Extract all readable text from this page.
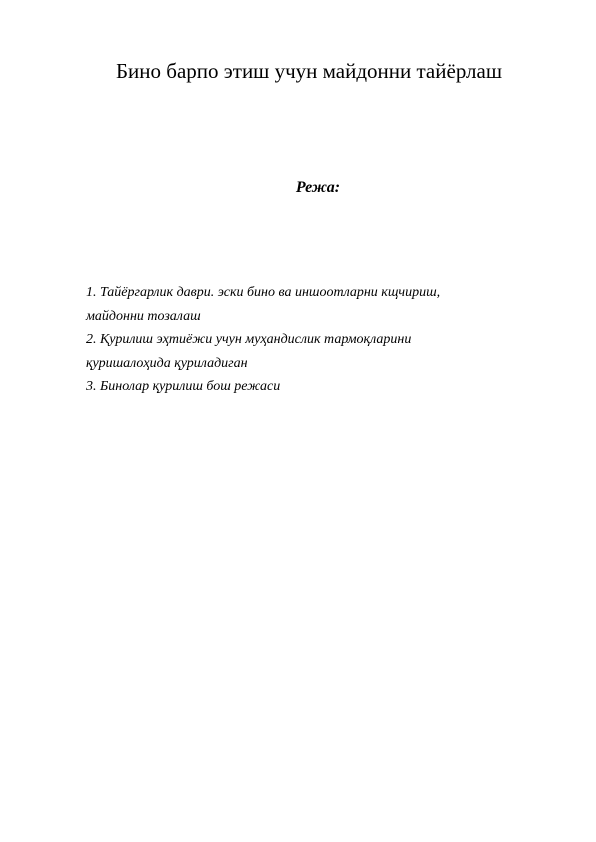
Бино барпо этиш учун майдонни тайёрлаш
Режа:
1. Тайёргарлик даври. эски бино ва иншоотларни кщчириш,
майдонни тозалаш
2. Қурилиш эҳтиёжи учун муҳандислик тармоқларини
қуришалоҳида қуриладиган
3. Бинолар қурилиш бош режаси
